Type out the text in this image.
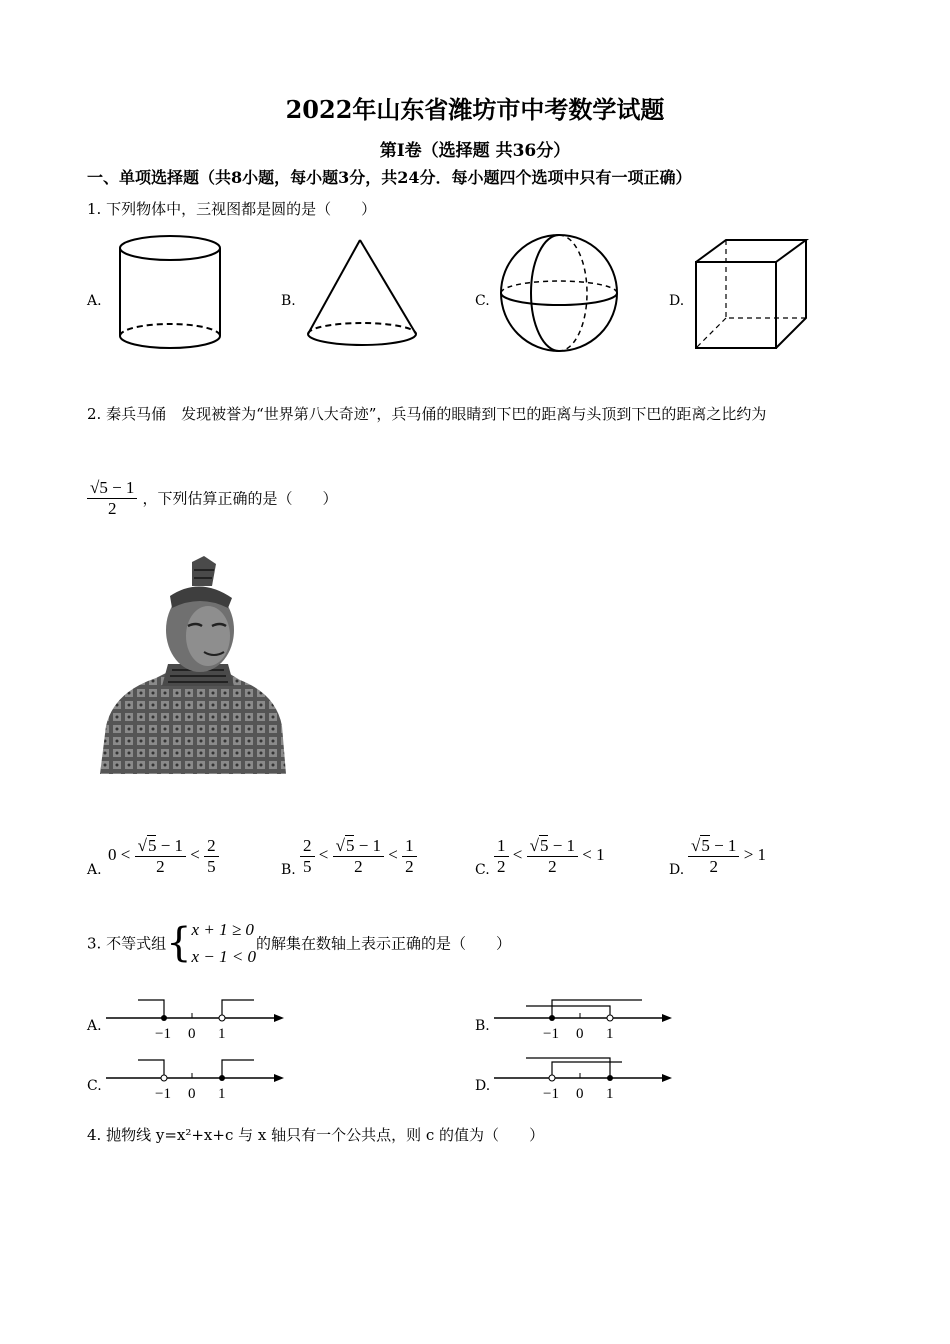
2022年山东省潍坊市中考数学试题
第Ⅰ卷（选择题 共36分）
一、单项选择题（共8小题，每小题3分，共24分．每小题四个选项中只有一项正确）
1. 下列物体中，三视图都是圆的是（　　）
A.	B.	C.	D.
2. 秦兵马俑　发现被誉为“世界第八大奇迹”，兵马俑的眼睛到下巴的距离与头顶到下巴的距离之比约为
$\frac{√5 - 1}{2}$ ，下列估算正确的是（　　）
A.
$0 < \frac{√5 - 1}{2} < \frac{2}{5}$	B. $\frac{2}{5} < \frac{√5 - 1}{2} < \frac{1}{2}$	C. $\frac{1}{2} < \frac{√5 - 1}{2} < 1$
D. $\frac{√5 - 1}{2} > 1$
3. 不等式组{ x + 1 ≥ 0
x − 1 < 0
的解集在数轴上表示正确的是（　　）
A.	−1 0 1	B.	−1 0 1
C.	−1 0 1	D.	−1 0 1
4. 抛物线 y=x²+x+c 与 x 轴只有一个公共点，则 c 的值为（　　）
